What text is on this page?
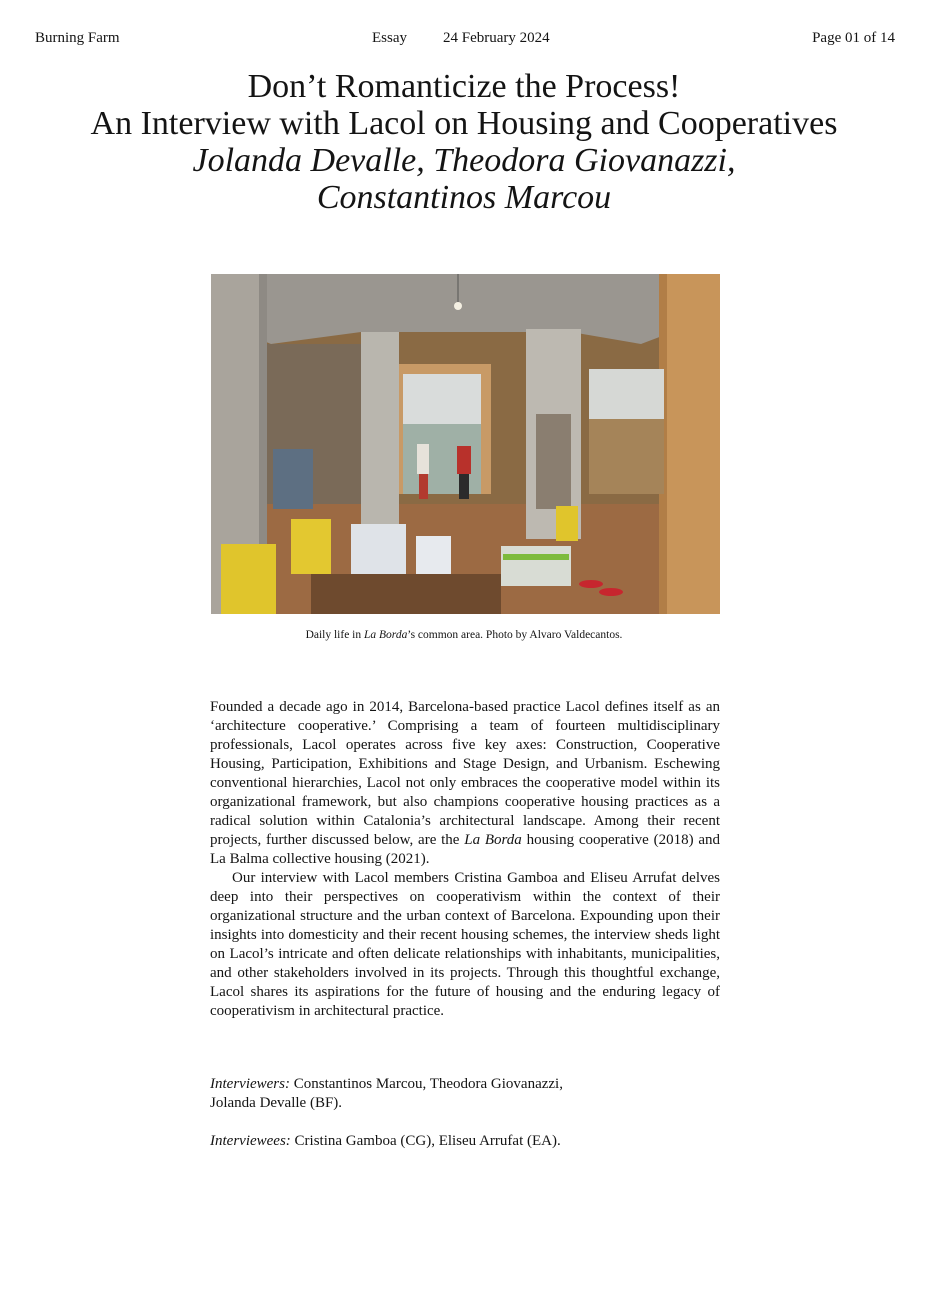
Burning Farm	Essay 24 February 2024	Page 01 of 14
Don’t Romanticize the Process!
An Interview with Lacol on Housing and Cooperatives
Jolanda Devalle, Theodora Giovanazzi,
Constantinos Marcou
Daily life in La Borda’s common area. Photo by Alvaro Valdecantos.

Founded a decade ago in 2014, Barcelona-based practice Lacol defines itself as an ‘architecture cooperative.’ Comprising a team of fourteen multidisciplinary professionals, Lacol operates across five key axes: Construction, Cooperative Housing, Participation, Exhibitions and Stage Design, and Urbanism. Eschewing conventional hierarchies, Lacol not only embraces the cooperative model within its organizational framework, but also champions cooperative housing practices as a radical solution within Catalonia’s architectural landscape. Among their recent projects, further discussed below, are the La Borda housing cooperative (2018) and La Balma collective housing (2021).

Our interview with Lacol members Cristina Gamboa and Eliseu Arrufat delves deep into their perspectives on cooperativism within the context of their organizational structure and the urban context of Barcelona. Expounding upon their insights into domesticity and their recent housing schemes, the interview sheds light on Lacol’s intricate and often delicate relationships with inhabitants, municipalities, and other stakeholders involved in its projects. Through this thoughtful exchange, Lacol shares its aspirations for the future of housing and the enduring legacy of cooperativism in architectural practice.

Interviewers: Constantinos Marcou, Theodora Giovanazzi,
Jolanda Devalle (BF).
Interviewees: Cristina Gamboa (CG), Eliseu Arrufat (EA).
